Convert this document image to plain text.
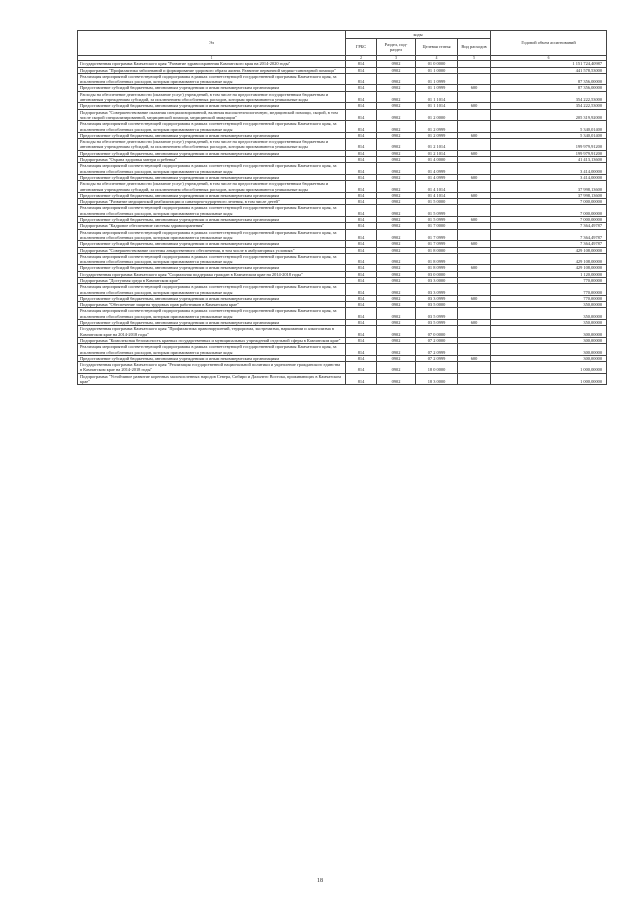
Эл	коды				Годовой объем ассигнований
	ГРБС	Раздел, под-раздел	Целевая статья	Вид расходов	
1	2	3	4	5	6
Государственная программа Камчатского края "Развитие здравоохранения Камчатского края на 2014-2020 годы"	814	0902	01 0 0000		1 151 724,40987
Подпрограмма "Профилактика заболеваний и формирование здорового образа жизни. Развитие первичной медико-санитарной помощи"	814	0902	01 1 0000		441 578,53000
Реализация мероприятий соответствующей подпрограммы в рамках соответствующей государственной программы Камчатского края, за исключением обособленных расходов, которым присваиваются уникальные коды	814	0902	01 1 0999		87 356,00000
Предоставление субсидий бюджетным, автономным учреждениям и иным некоммерческим организациям	814	0902	01 1 0999	600	87 356,00000
Расходы на обеспечение деятельности (оказание услуг) учреждений, в том числе на предоставление государственным бюджетным и автономным учреждениям субсидий, за исключением обособленных расходов, которым присваиваются уникальные коды	814	0902	01 1 1014		354 222,53000
Предоставление субсидий бюджетным, автономным учреждениям и иным некоммерческим организациям	814	0902	01 1 1014	600	354 222,53000
Подпрограмма "Совершенствование оказания специализированной, включая высокотехнологичную, медицинской помощи, скорой, в том числе скорой специализированной, медицинской помощи, медицинской эвакуации"	814	0902	01 2 0000		205 319,92000
Реализация мероприятий соответствующей подпрограммы в рамках соответствующей государственной программы Камчатского края, за исключением обособленных расходов, которым присваиваются уникальные коды	814	0902	01 2 0999		5 340,01400
Предоставление субсидий бюджетным, автономным учреждениям и иным некоммерческим организациям	814	0902	01 2 0999	600	5 340,01400
Расходы на обеспечение деятельности (оказание услуг) учреждений, в том числе на предоставление государственным бюджетным и автономным учреждениям субсидий, за исключением обособленных расходов, которым присваиваются уникальные коды	814	0902	01 2 1014		199 979,91200
Предоставление субсидий бюджетным, автономным учреждениям и иным некоммерческим организациям	814	0902	01 2 1014	600	199 979,91200
Подпрограмма "Охрана здоровья матери и ребенка"	814	0902	01 4 0000		41 413,13600
Реализация мероприятий соответствующей подпрограммы в рамках соответствующей государственной программы Камчатского края, за исключением обособленных расходов, которым присваиваются уникальные коды	814	0902	01 4 0999		3 414,00000
Предоставление субсидий бюджетным, автономным учреждениям и иным некоммерческим организациям	814	0902	01 4 0999	600	3 414,00000
Расходы на обеспечение деятельности (оказание услуг) учреждений, в том числе на предоставление государственным бюджетным и автономным учреждениям субсидий, за исключением обособленных расходов, которым присваиваются уникальные коды	814	0902	01 4 1014		37 998,13600
Предоставление субсидий бюджетным, автономным учреждениям и иным некоммерческим организациям	814	0902	01 4 1014	600	37 998,13600
Подпрограмма "Развитие медицинской реабилитации и санаторно-курортного лечения, в том числе детей"	814	0902	01 5 0000		7 000,00000
Реализация мероприятий соответствующей подпрограммы в рамках соответствующей государственной программы Камчатского края, за исключением обособленных расходов, которым присваиваются уникальные коды	814	0902	01 5 0999		7 000,00000
Предоставление субсидий бюджетным, автономным учреждениям и иным некоммерческим организациям	814	0902	01 5 0999	600	7 000,00000
Подпрограмма "Кадровое обеспечение системы здравоохранения"	814	0902	01 7 0000		7 364,49787
Реализация мероприятий соответствующей подпрограммы в рамках соответствующей государственной программы Камчатского края, за исключением обособленных расходов, которым присваиваются уникальные коды	814	0902	01 7 0999		7 364,49787
Предоставление субсидий бюджетным, автономным учреждениям и иным некоммерческим организациям	814	0902	01 7 0999	600	7 364,49787
Подпрограмма "Совершенствование системы лекарственного обеспечения, в том числе в амбулаторных условиях"	814	0902	01 8 0000		429 108,00000
Реализация мероприятий соответствующей подпрограммы в рамках соответствующей государственной программы Камчатского края, за исключением обособленных расходов, которым присваиваются уникальные коды	814	0902	01 8 0999		429 108,00000
Предоставление субсидий бюджетным, автономным учреждениям и иным некоммерческим организациям	814	0902	01 8 0999	600	429 108,00000
Государственная программа Камчатского края "Социальная поддержка граждан в Камчатском крае на 2014-2018 годы"	814	0902	03 0 0000		1 120,00000
Подпрограмма "Доступная среда в Камчатском крае"	814	0902	03 3 0000		770,00000
Реализация мероприятий соответствующей подпрограммы в рамках соответствующей государственной программы Камчатского края, за исключением обособленных расходов, которым присваиваются уникальные коды	814	0902	03 3 0999		770,00000
Предоставление субсидий бюджетным, автономным учреждениям и иным некоммерческим организациям	814	0902	03 3 0999	600	770,00000
Подпрограмма "Обеспечение защиты трудовых прав работников в Камчатском крае"	814	0902	03 5 0000		350,00000
Реализация мероприятий соответствующей подпрограммы в рамках соответствующей государственной программы Камчатского края, за исключением обособленных расходов, которым присваиваются уникальные коды	814	0902	03 5 0999		350,00000
Предоставление субсидий бюджетным, автономным учреждениям и иным некоммерческим организациям	814	0902	03 5 0999	600	350,00000
Государственная программа Камчатского края "Профилактика правонарушений, терроризма, экстремизма, наркомании и алкоголизма в Камчатском крае на 2014-2018 годы"	814	0902	07 0 0000		300,00000
Подпрограмма "Комплексная безопасность краевых государственных и муниципальных учреждений отдельной сферы в Камчатском крае"	814	0902	07 2 0000		300,00000
Реализация мероприятий соответствующей подпрограммы в рамках соответствующей государственной программы Камчатского края, за исключением обособленных расходов, которым присваиваются уникальные коды	814	0902	07 2 0999		300,00000
Предоставление субсидий бюджетным, автономным учреждениям и иным некоммерческим организациям	814	0902	07 2 0999	600	300,00000
Государственная программа Камчатского края "Реализация государственной национальной политики и укрепление гражданского единства в Камчатском крае на 2014-2018 годы"	814	0902	18 0 0000		1 000,00000
Подпрограмма "Устойчивое развитие коренных малочисленных народов Севера, Сибири и Дальнего Востока, проживающих в Камчатском крае"	814	0902	18 3 0000		1 000,00000
18
